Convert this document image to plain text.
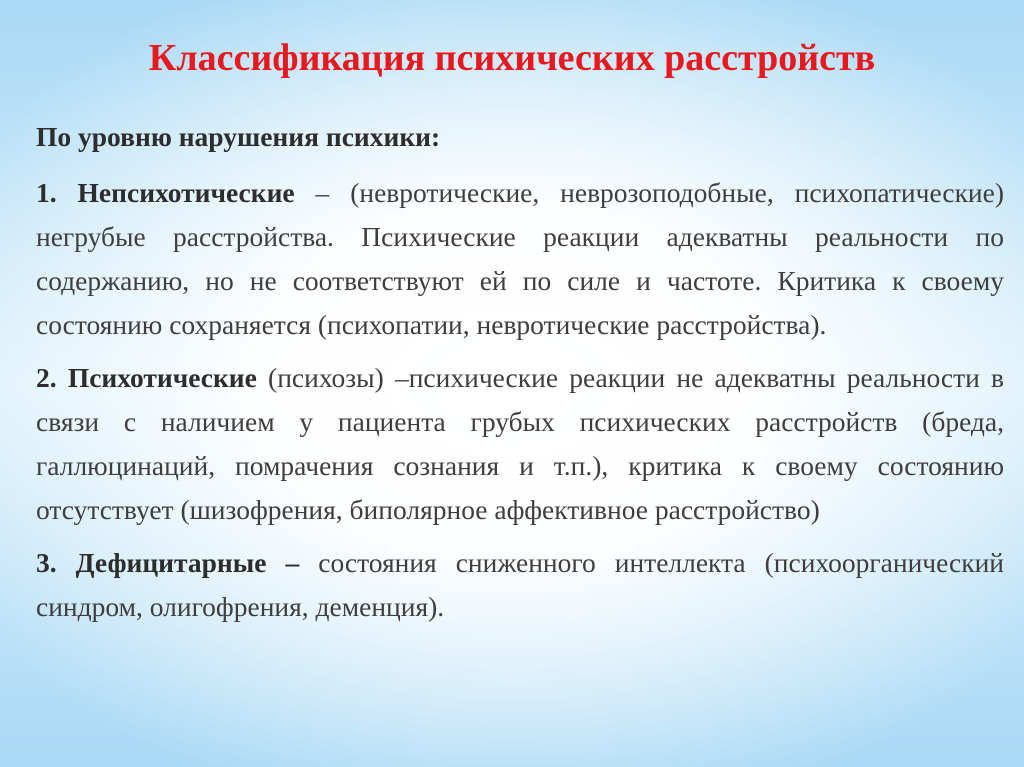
Классификация психических расстройств
По уровню нарушения психики:

1. Непсихотические – (невротические, неврозоподобные, психопатические) негрубые расстройства. Психические реакции адекватны реальности по содержанию, но не соответствуют ей по силе и частоте. Критика к своему состоянию сохраняется (психопатии, невротические расстройства).

2. Психотические (психозы) –психические реакции не адекватны реальности в связи с наличием у пациента грубых психических расстройств (бреда, галлюцинаций, помрачения сознания и т.п.), критика к своему состоянию отсутствует (шизофрения, биполярное аффективное расстройство)

3. Дефицитарные – состояния сниженного интеллекта (психоорганический синдром, олигофрения, деменция).
